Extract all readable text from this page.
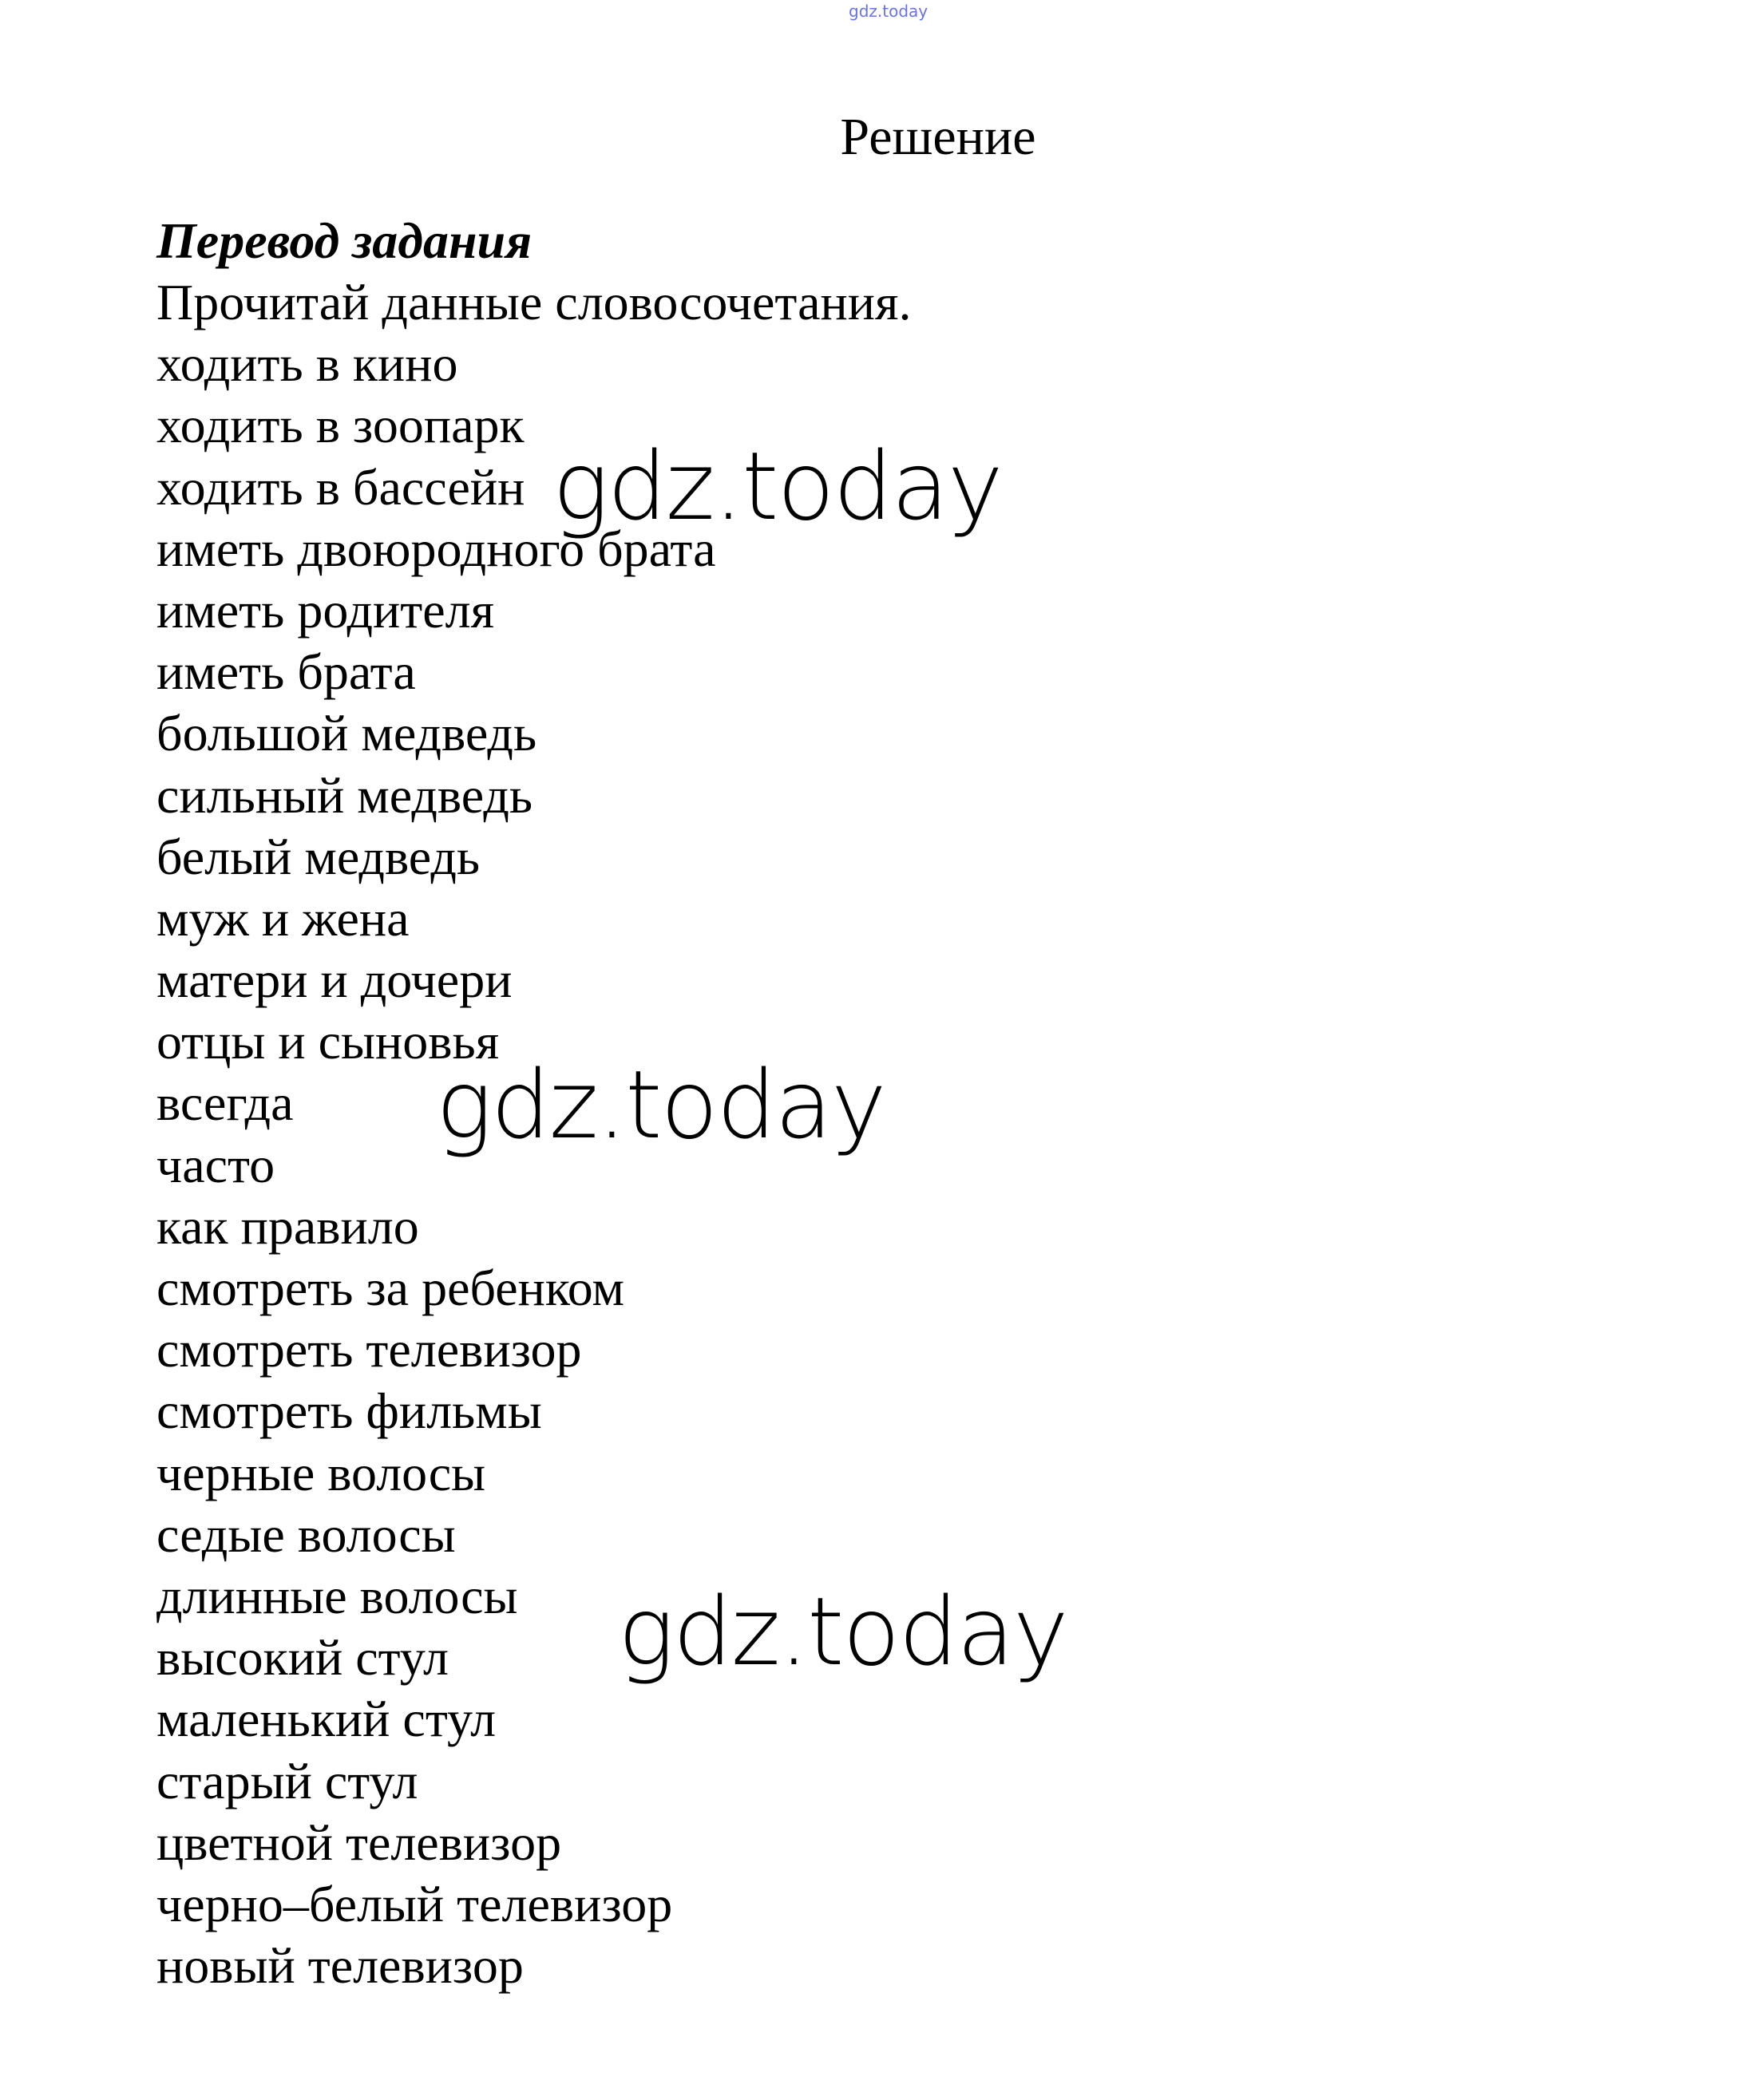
gdz.today
Решение
Перевод задания
Прочитай данные словосочетания.
ходить в кино
ходить в зоопарк
ходить в бассейн
иметь двоюродного брата
иметь родителя
иметь брата
большой медведь
сильный медведь
белый медведь
муж и жена
матери и дочери
отцы и сыновья
всегда
часто
как правило
смотреть за ребенком
смотреть телевизор
смотреть фильмы
черные волосы
седые волосы
длинные волосы
высокий стул
маленький стул
старый стул
цветной телевизор
черно–белый телевизор
новый телевизор
gdz.today
gdz.today
gdz.today
